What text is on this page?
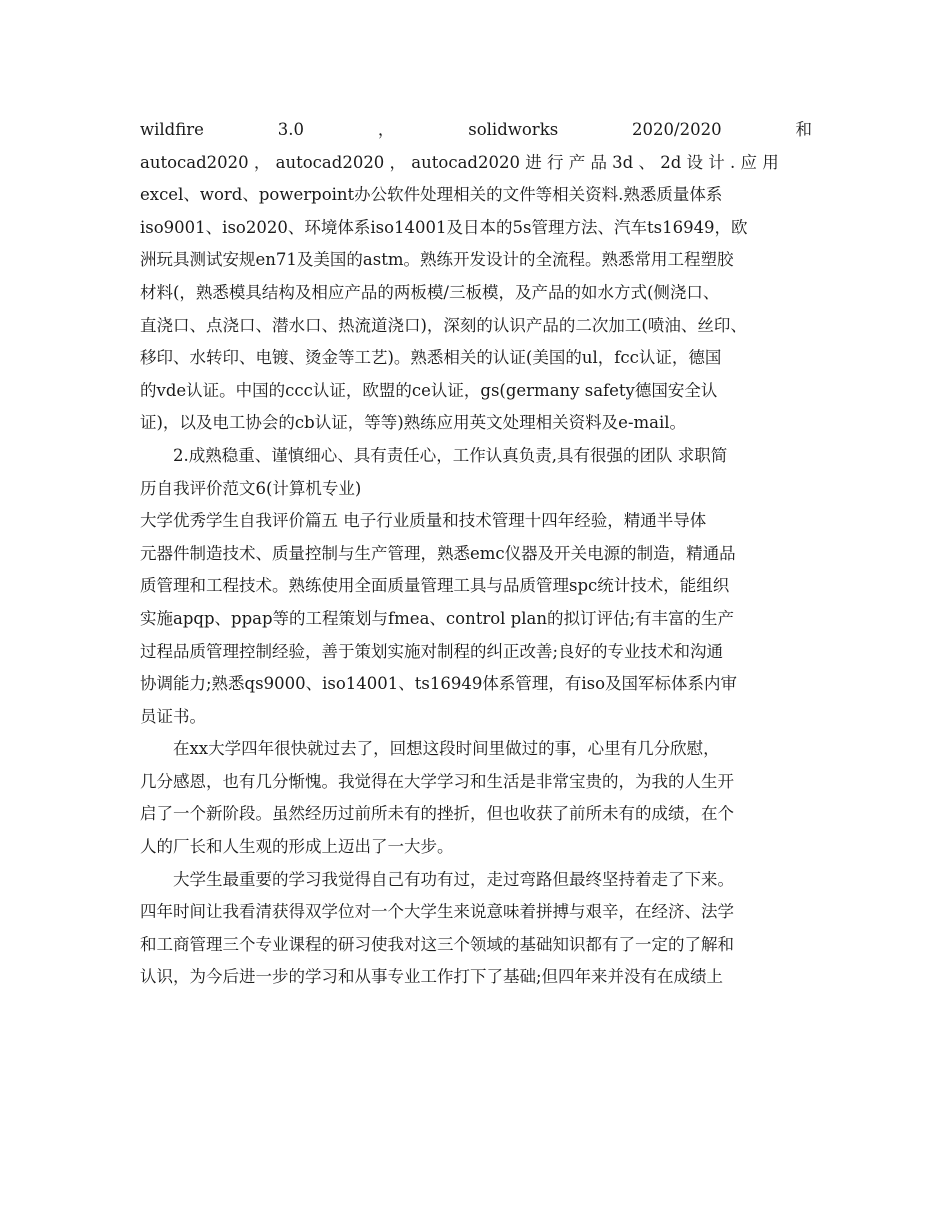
wildfire	3.0	，	solidworks	2020/2020	和
autocad2020 ， autocad2020 ， autocad2020 进 行 产 品 3d 、 2d 设 计 . 应 用
excel、word、powerpoint办公软件处理相关的文件等相关资料.熟悉质量体系
iso9001、iso2020、环境体系iso14001及日本的5s管理方法、汽车ts16949，欧
洲玩具测试安规en71及美国的astm。熟练开发设计的全流程。熟悉常用工程塑胶
材料(，熟悉模具结构及相应产品的两板模/三板模，及产品的如水方式(侧浇口、
直浇口、点浇口、潜水口、热流道浇口)，深刻的认识产品的二次加工(喷油、丝印、
移印、水转印、电镀、烫金等工艺)。熟悉相关的认证(美国的ul，fcc认证，德国
的vde认证。中国的ccc认证，欧盟的ce认证，gs(germany safety德国安全认
证)，以及电工协会的cb认证，等等)熟练应用英文处理相关资料及e-mail。
2.成熟稳重、谨慎细心、具有责任心，工作认真负责,具有很强的团队 求职简
历自我评价范文6(计算机专业)
大学优秀学生自我评价篇五 电子行业质量和技术管理十四年经验，精通半导体
元器件制造技术、质量控制与生产管理，熟悉emc仪器及开关电源的制造，精通品
质管理和工程技术。熟练使用全面质量管理工具与品质管理spc统计技术，能组织
实施apqp、ppap等的工程策划与fmea、control plan的拟订评估;有丰富的生产
过程品质管理控制经验，善于策划实施对制程的纠正改善;良好的专业技术和沟通
协调能力;熟悉qs9000、iso14001、ts16949体系管理，有iso及国军标体系内审
员证书。
在xx大学四年很快就过去了，回想这段时间里做过的事，心里有几分欣慰，
几分感恩，也有几分惭愧。我觉得在大学学习和生活是非常宝贵的，为我的人生开
启了一个新阶段。虽然经历过前所未有的挫折，但也收获了前所未有的成绩，在个
人的厂长和人生观的形成上迈出了一大步。
大学生最重要的学习我觉得自己有功有过，走过弯路但最终坚持着走了下来。
四年时间让我看清获得双学位对一个大学生来说意味着拼搏与艰辛，在经济、法学
和工商管理三个专业课程的研习使我对这三个领域的基础知识都有了一定的了解和
认识，为今后进一步的学习和从事专业工作打下了基础;但四年来并没有在成绩上
